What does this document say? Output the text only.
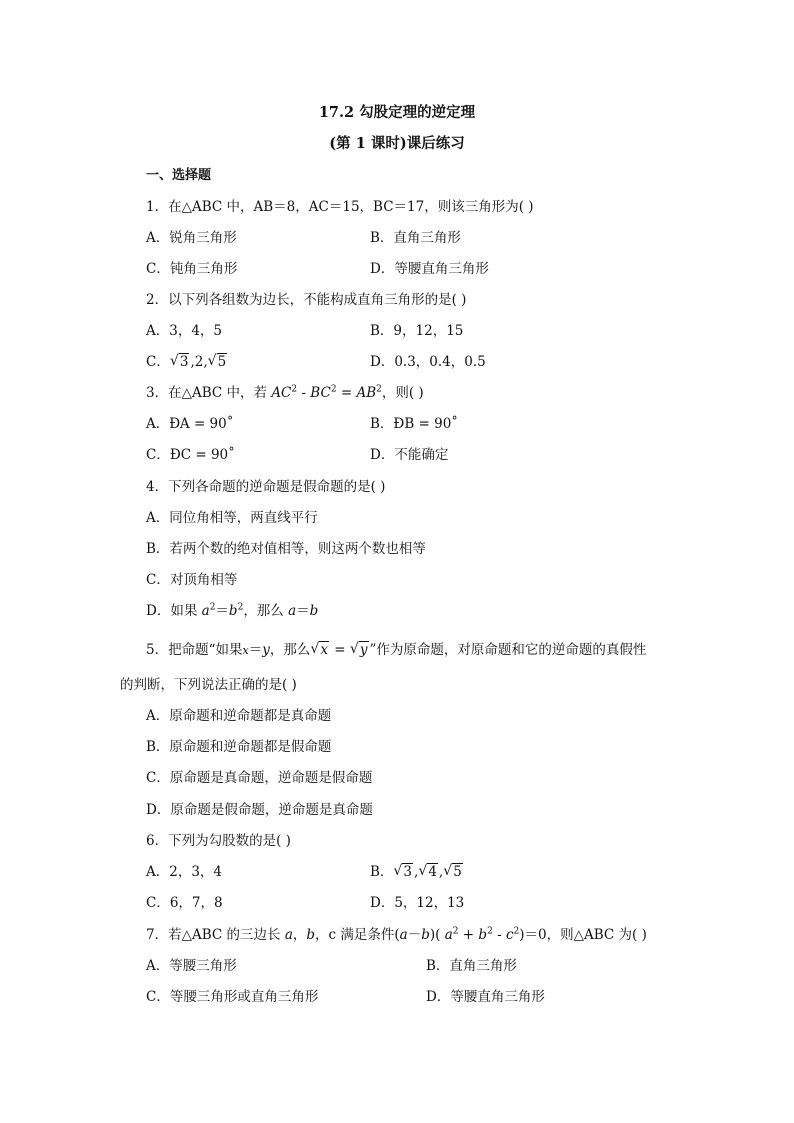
17.2 勾股定理的逆定理
(第 1 课时)课后练习
一、选择题
1．在△ABC 中，AB＝8，AC＝15，BC＝17，则该三角形为( )
A．锐角三角形	B．直角三角形
C．钝角三角形	D．等腰直角三角形
2．以下列各组数为边长，不能构成直角三角形的是( )
A．3，4，5	B．9，12，15
C． √ 3 ,2, √ 5	D．0.3，0.4，0.5
3．在△ABC 中，若 $AC^2 - BC^2 = AB^2$，则( )
A．ÐA = 90˚	B．ÐB = 90˚
C．ÐC = 90˚	D．不能确定
4．下列各命题的逆命题是假命题的是( )
A．同位角相等，两直线平行
B．若两个数的绝对值相等，则这两个数也相等
C．对顶角相等
D．如果 $a^2=b^2$，那么 a＝b
5．把命题“如果x＝y，那么 √ x = √ y ”作为原命题，对原命题和它的逆命题的真假性
的判断，下列说法正确的是( )
A．原命题和逆命题都是真命题
B．原命题和逆命题都是假命题
C．原命题是真命题，逆命题是假命题
D．原命题是假命题，逆命题是真命题
6．下列为勾股数的是( )
A．2，3，4	B． √ 3 , √ 4 , √ 5
C．6，7，8	D．5，12，13
7．若△ABC 的三边长 a，b，c 满足条件(a－b)( $a^2 + b^2 - c^2)=0$，则△ABC 为( )
A．等腰三角形	B．直角三角形
C．等腰三角形或直角三角形	D．等腰直角三角形
